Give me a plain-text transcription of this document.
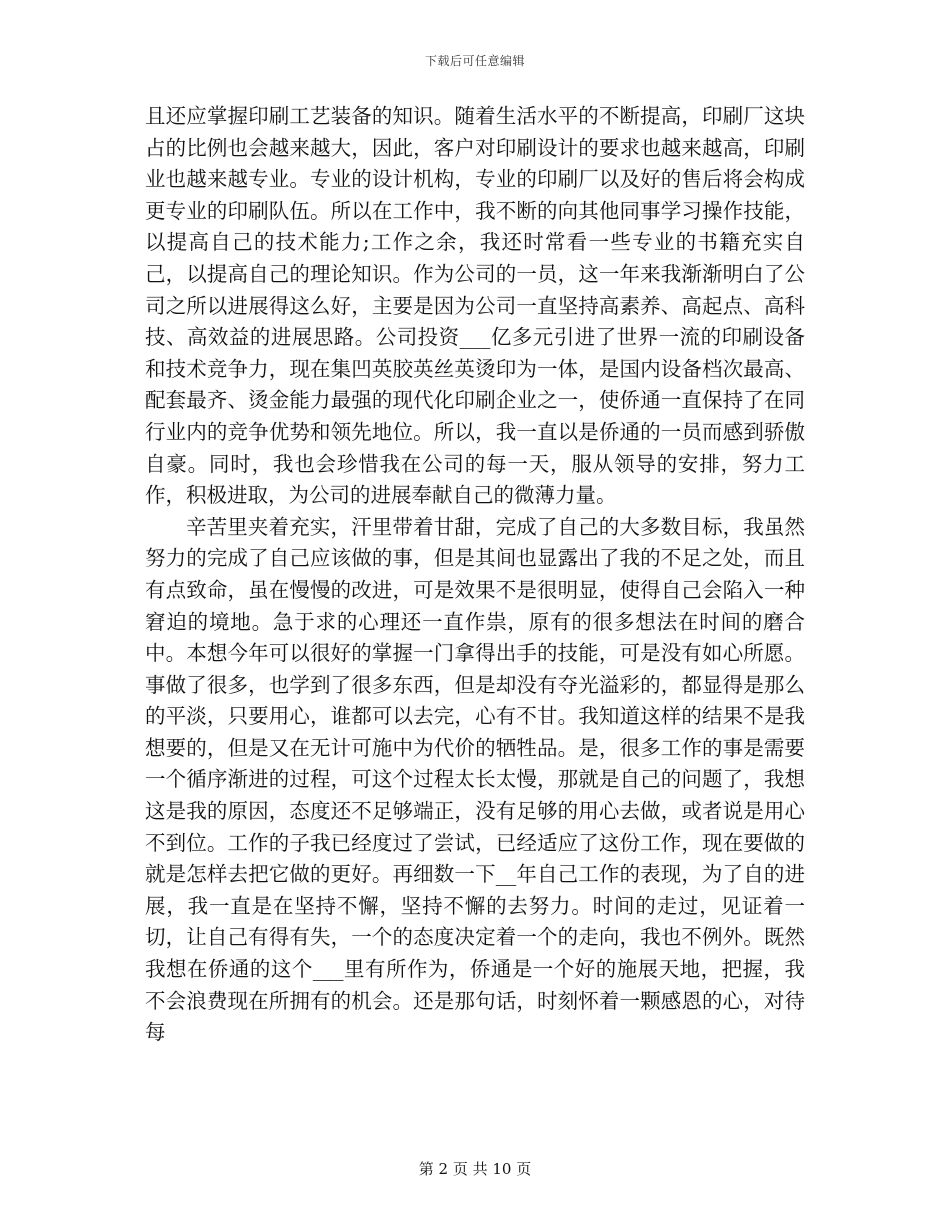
下载后可任意编辑

且还应掌握印刷工艺装备的知识。随着生活水平的不断提高，印刷厂这块占的比例也会越来越大，因此，客户对印刷设计的要求也越来越高，印刷业也越来越专业。专业的设计机构，专业的印刷厂以及好的售后将会构成更专业的印刷队伍。所以在工作中，我不断的向其他同事学习操作技能，以提高自己的技术能力;工作之余，我还时常看一些专业的书籍充实自己，以提高自己的理论知识。作为公司的一员，这一年来我渐渐明白了公司之所以进展得这么好，主要是因为公司一直坚持高素养、高起点、高科技、高效益的进展思路。公司投资___亿多元引进了世界一流的印刷设备和技术竞争力，现在集凹英胶英丝英烫印为一体，是国内设备档次最高、配套最齐、烫金能力最强的现代化印刷企业之一，使侨通一直保持了在同行业内的竞争优势和领先地位。所以，我一直以是侨通的一员而感到骄傲自豪。同时，我也会珍惜我在公司的每一天，服从领导的安排，努力工作，积极进取，为公司的进展奉献自己的微薄力量。

辛苦里夹着充实，汗里带着甘甜，完成了自己的大多数目标，我虽然努力的完成了自己应该做的事，但是其间也显露出了我的不足之处，而且有点致命，虽在慢慢的改进，可是效果不是很明显，使得自己会陷入一种窘迫的境地。急于求的心理还一直作祟，原有的很多想法在时间的磨合中。本想今年可以很好的掌握一门拿得出手的技能，可是没有如心所愿。事做了很多，也学到了很多东西，但是却没有夺光溢彩的，都显得是那么的平淡，只要用心，谁都可以去完，心有不甘。我知道这样的结果不是我想要的，但是又在无计可施中为代价的牺牲品。是，很多工作的事是需要一个循序渐进的过程，可这个过程太长太慢，那就是自己的问题了，我想这是我的原因，态度还不足够端正，没有足够的用心去做，或者说是用心不到位。工作的子我已经度过了尝试，已经适应了这份工作，现在要做的就是怎样去把它做的更好。再细数一下__年自己工作的表现，为了自的进展，我一直是在坚持不懈，坚持不懈的去努力。时间的走过，见证着一切，让自己有得有失，一个的态度决定着一个的走向，我也不例外。既然我想在侨通的这个___里有所作为，侨通是一个好的施展天地，把握，我不会浪费现在所拥有的机会。还是那句话，时刻怀着一颗感恩的心，对待每

第 2 页 共 10 页
